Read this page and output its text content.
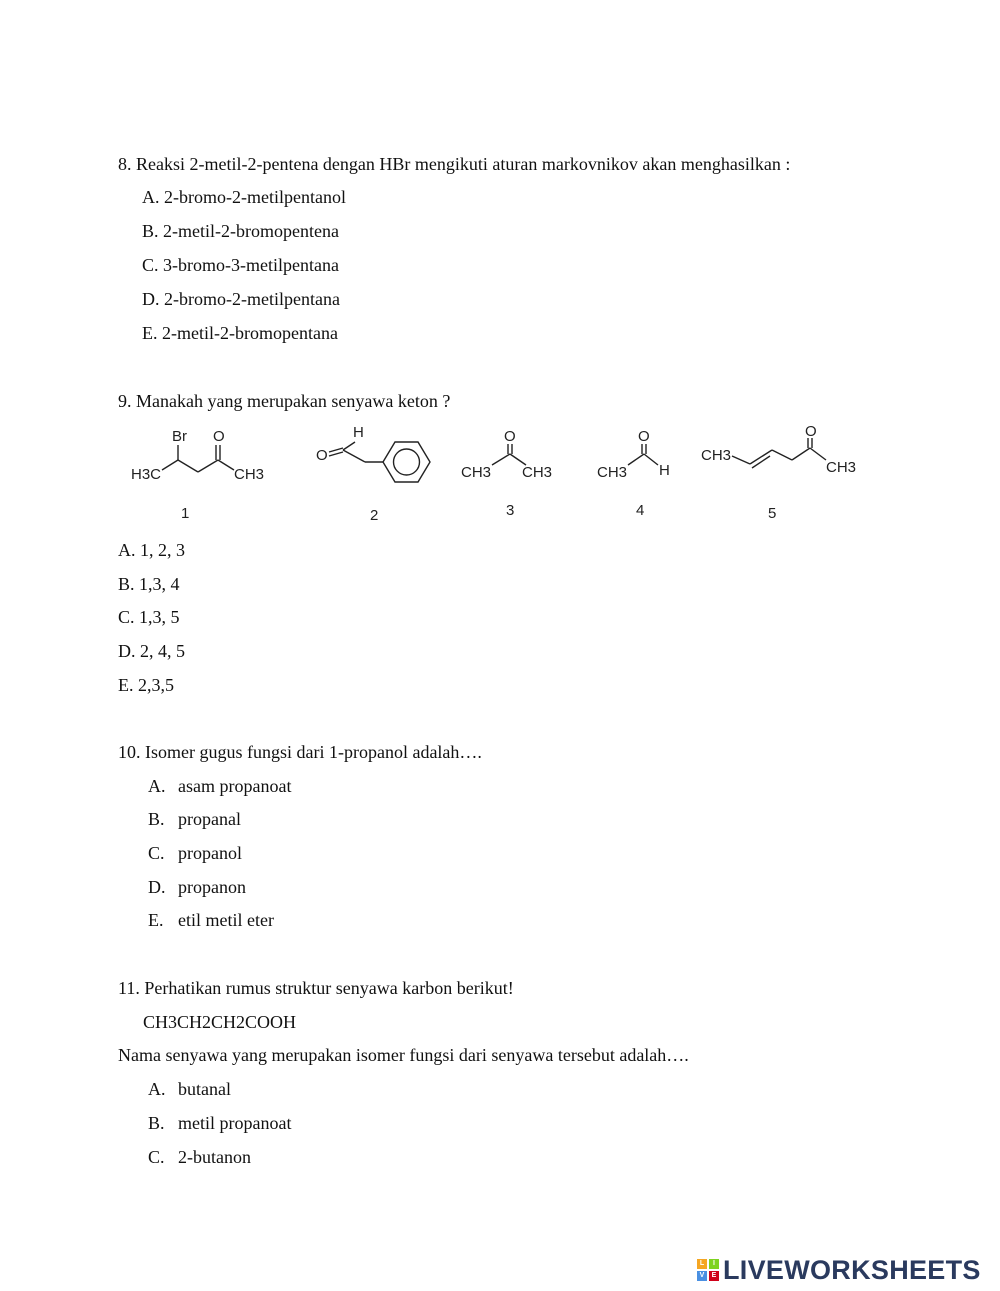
8. Reaksi 2-metil-2-pentena dengan HBr mengikuti aturan markovnikov akan menghasilkan :
A. 2-bromo-2-metilpentanol
B. 2-metil-2-bromopentena
C. 3-bromo-3-metilpentana
D. 2-bromo-2-metilpentana
E. 2-metil-2-bromopentana
9. Manakah yang merupakan senyawa keton ?
Br O
H3C	CH3
1
H
O
2
O
CH3 CH3
3
O
CH3 H
4
CH3
O
CH3
5
A. 1, 2, 3
B. 1,3, 4
C. 1,3, 5
D. 2, 4, 5
E. 2,3,5
10. Isomer gugus fungsi dari 1-propanol adalah….
A. asam propanoat
B. propanal
C. propanol
D. propanon
E. etil metil eter
11. Perhatikan rumus struktur senyawa karbon berikut!
CH3CH2CH2COOH
Nama senyawa yang merupakan isomer fungsi dari senyawa tersebut adalah….
A. butanal
B. metil propanoat
C. 2-butanon
L	I
V	E LIVEWORKSHEETS
